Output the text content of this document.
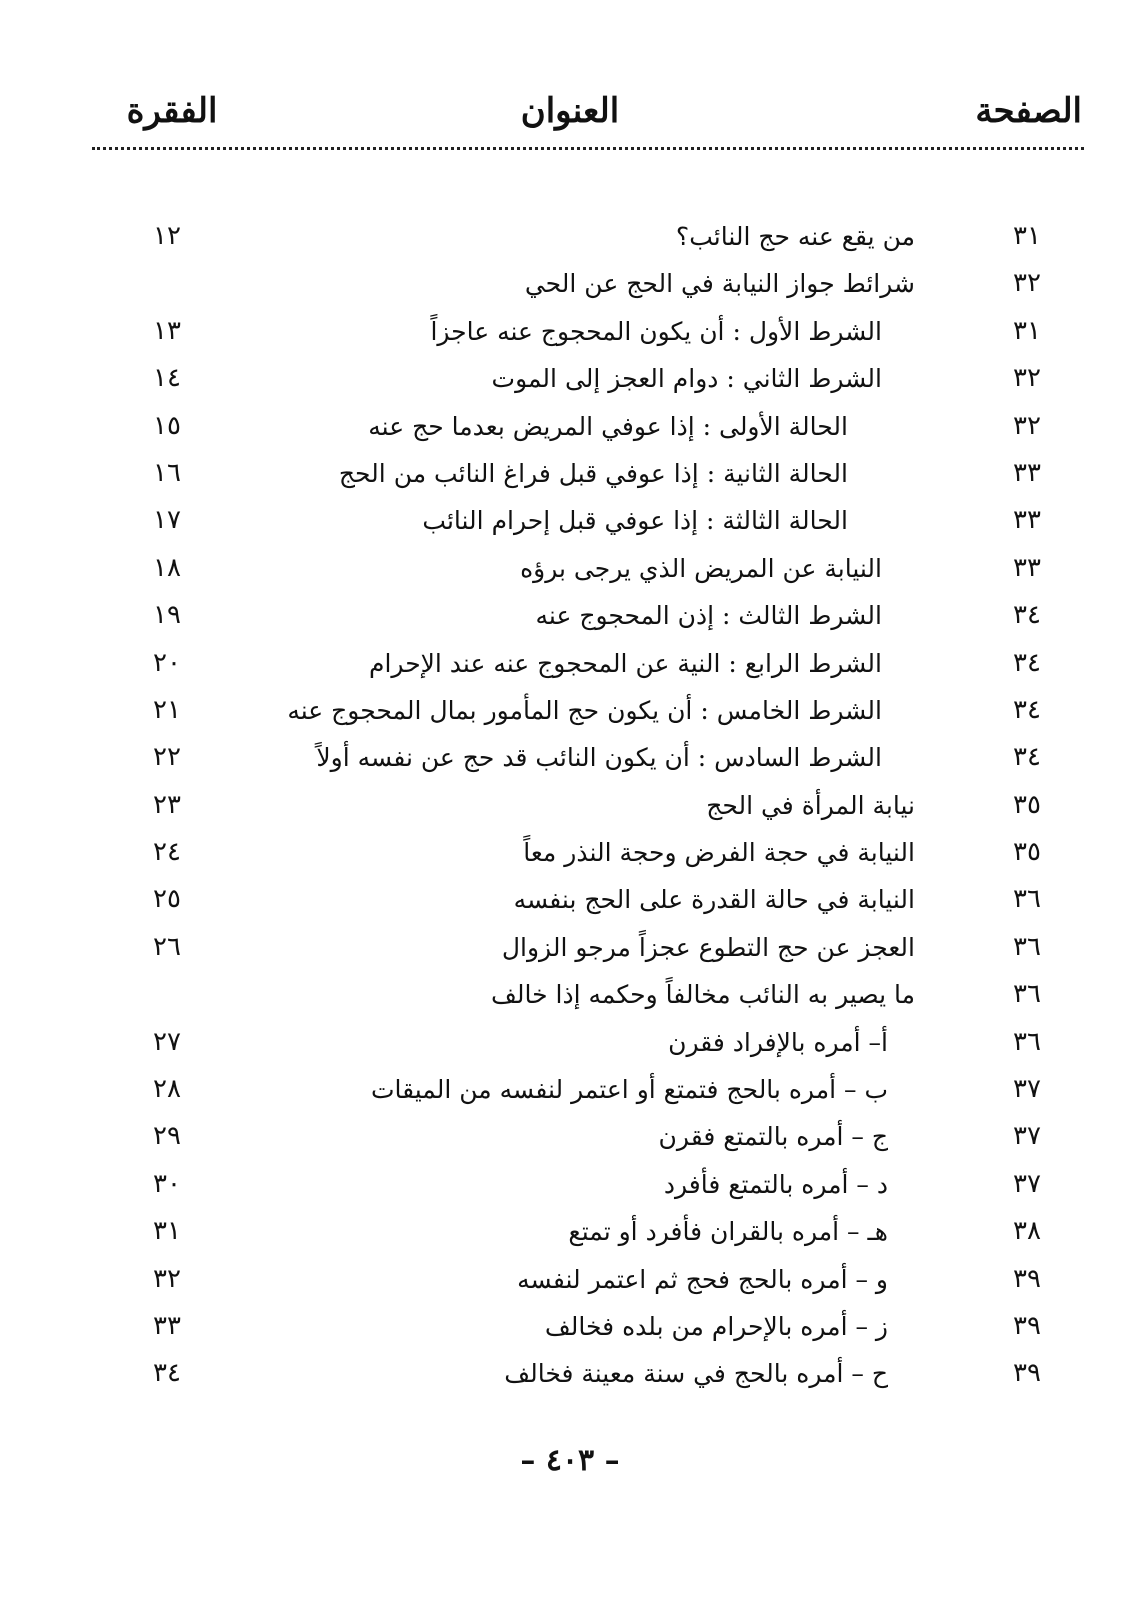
الصفحة
العنوان
الفقرة
٣١
من يقع عنه حج النائب؟
١٢
٣٢
شرائط جواز النيابة في الحج عن الحي
٣١
الشرط الأول : أن يكون المحجوج عنه عاجزاً
١٣
٣٢
الشرط الثاني : دوام العجز إلى الموت
١٤
٣٢
الحالة الأولى : إذا عوفي المريض بعدما حج عنه
١٥
٣٣
الحالة الثانية : إذا عوفي قبل فراغ النائب من الحج
١٦
٣٣
الحالة الثالثة : إذا عوفي قبل إحرام النائب
١٧
٣٣
النيابة عن المريض الذي يرجى برؤه
١٨
٣٤
الشرط الثالث : إذن المحجوج عنه
١٩
٣٤
الشرط الرابع : النية عن المحجوج عنه عند الإحرام
٢٠
٣٤
الشرط الخامس : أن يكون حج المأمور بمال المحجوج عنه
٢١
٣٤
الشرط السادس : أن يكون النائب قد حج عن نفسه أولاً
٢٢
٣٥
نيابة المرأة في الحج
٢٣
٣٥
النيابة في حجة الفرض وحجة النذر معاً
٢٤
٣٦
النيابة في حالة القدرة على الحج بنفسه
٢٥
٣٦
العجز عن حج التطوع عجزاً مرجو الزوال
٢٦
٣٦
ما يصير به النائب مخالفاً وحكمه إذا خالف
٣٦
أ– أمره بالإفراد فقرن
٢٧
٣٧
ب – أمره بالحج فتمتع أو اعتمر لنفسه من الميقات
٢٨
٣٧
ج – أمره بالتمتع فقرن
٢٩
٣٧
د – أمره بالتمتع فأفرد
٣٠
٣٨
هـ – أمره بالقران فأفرد أو تمتع
٣١
٣٩
و – أمره بالحج فحج ثم اعتمر لنفسه
٣٢
٣٩
ز – أمره بالإحرام من بلده فخالف
٣٣
٣٩
ح – أمره بالحج في سنة معينة فخالف
٣٤
– ٤٠٣ –
